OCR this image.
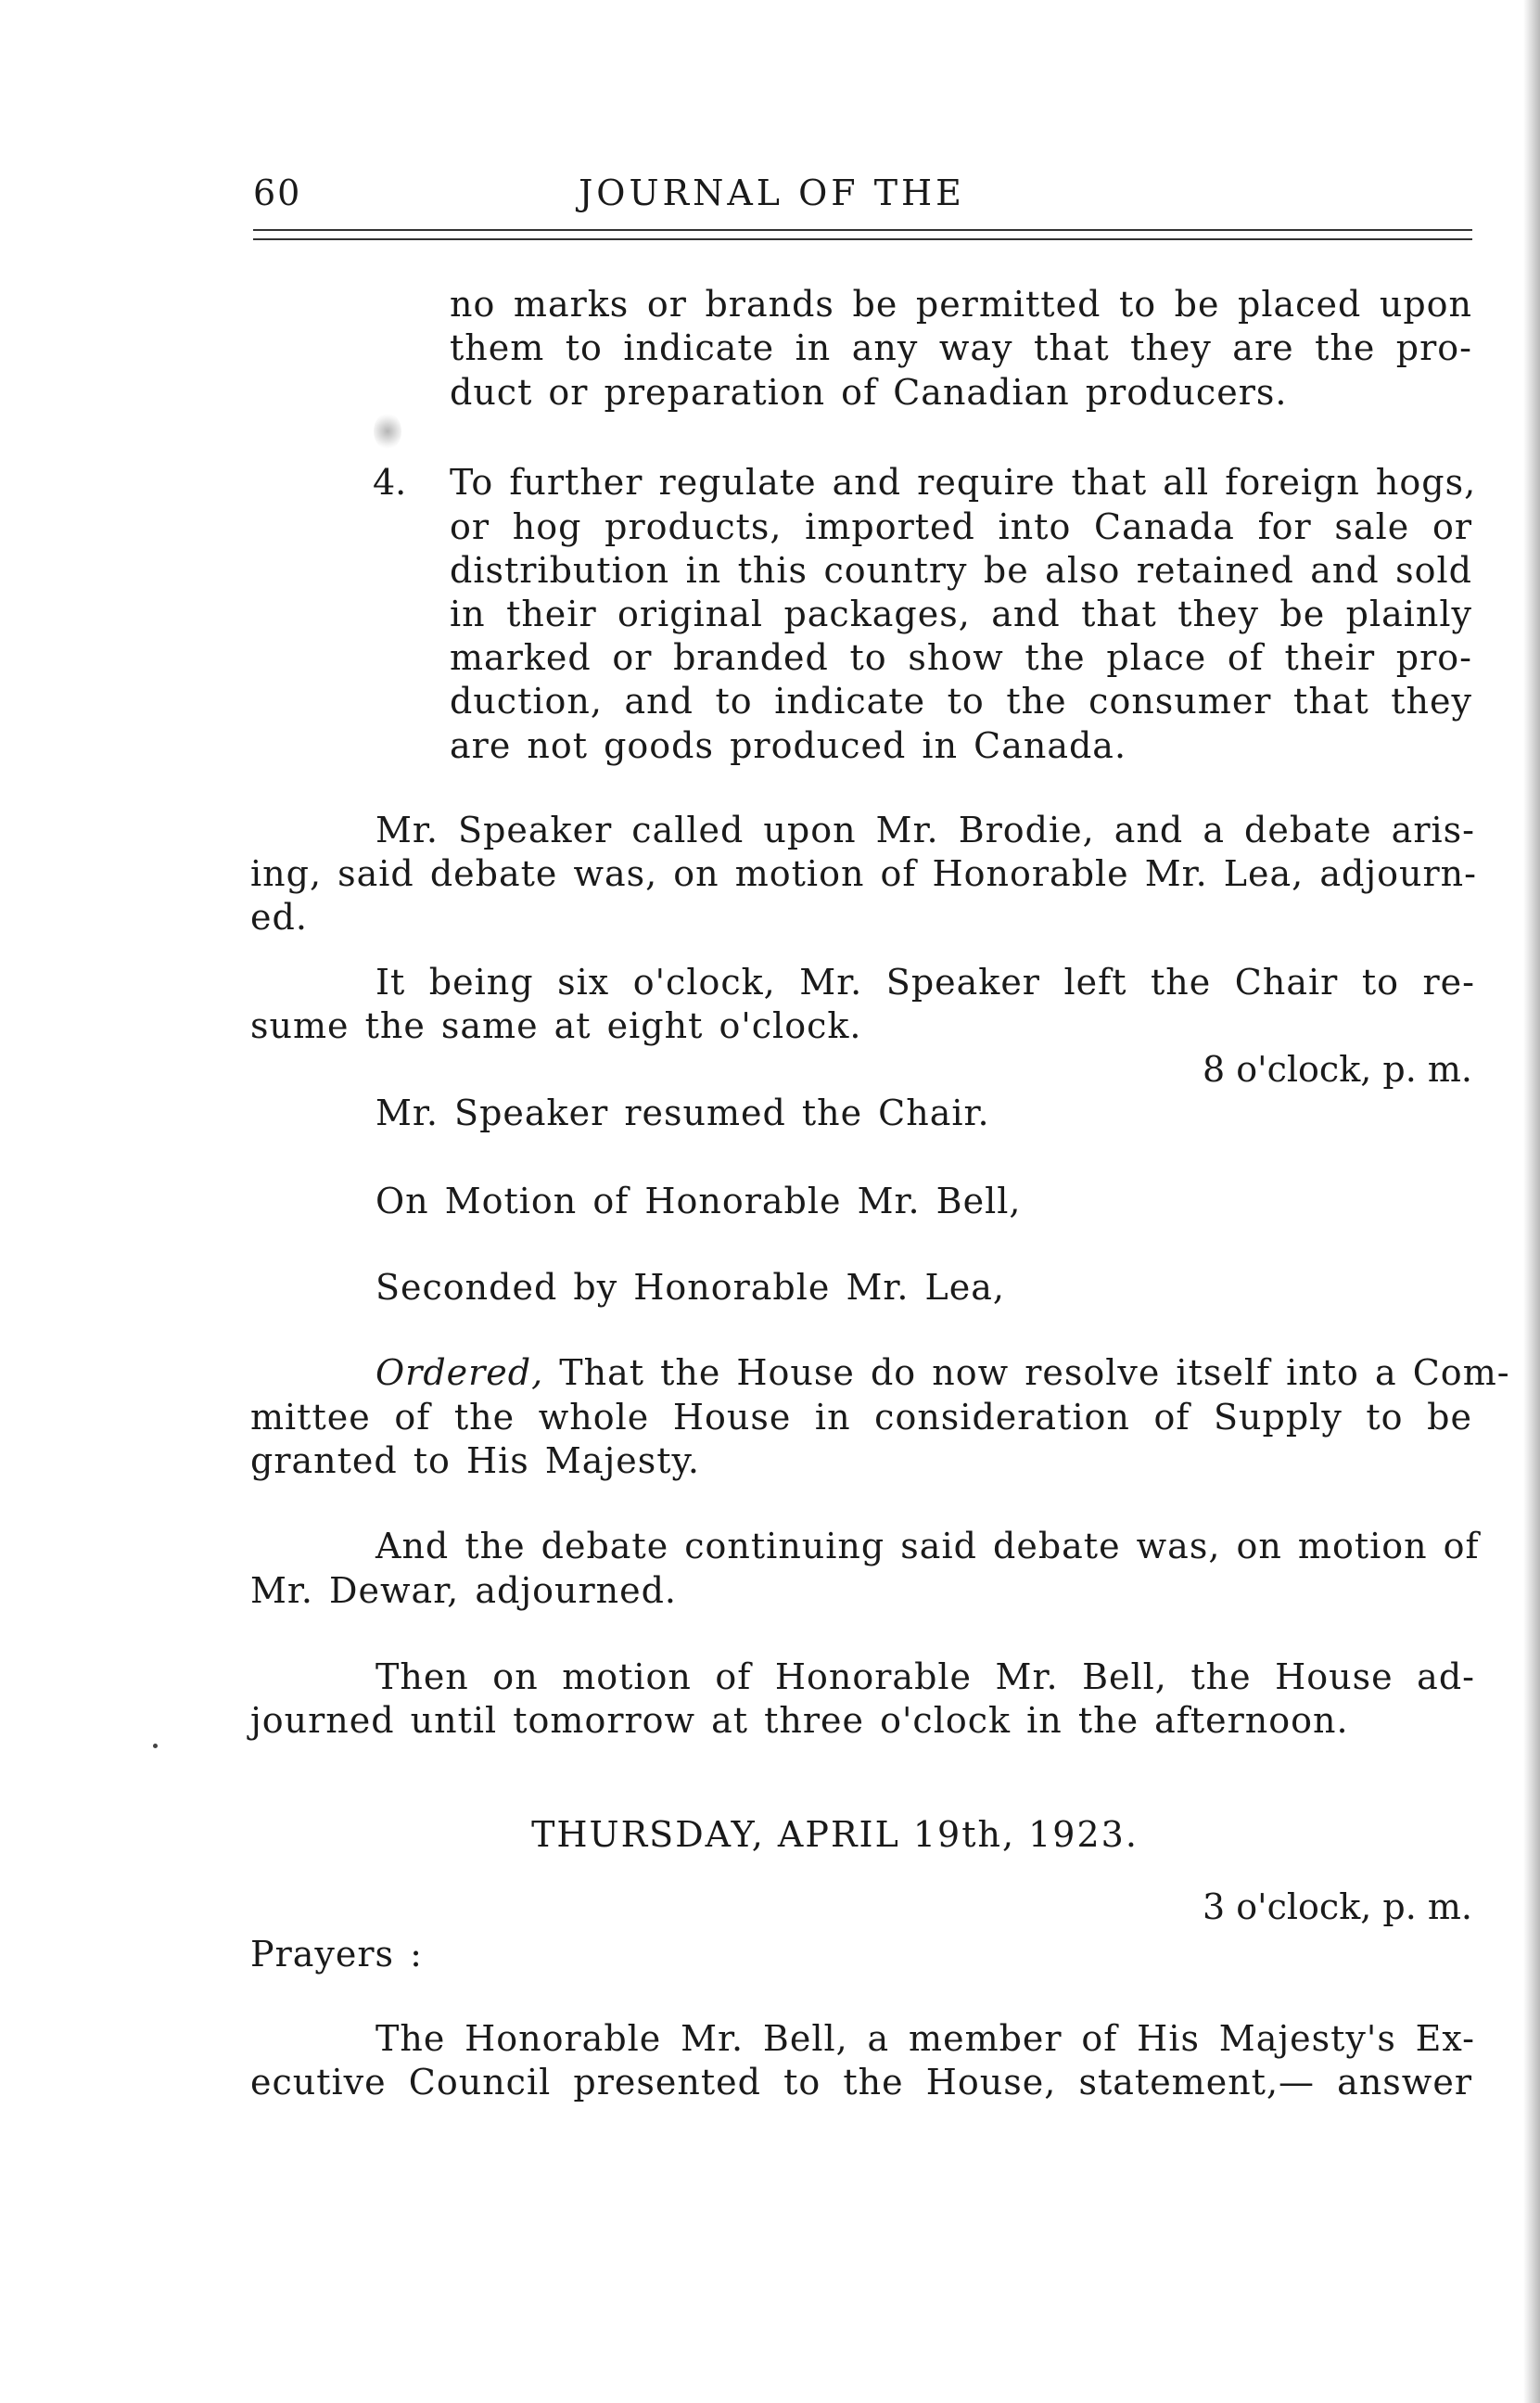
60	JOURNAL OF THE
no marks or brands be permitted to be placed upon
them to indicate in any way that they are the pro-
duct or preparation of Canadian producers.
4. To further regulate and require that all foreign hogs,
or hog products, imported into Canada for sale or
distribution in this country be also retained and sold
in their original packages, and that they be plainly
marked or branded to show the place of their pro-
duction, and to indicate to the consumer that they
are not goods produced in Canada.
Mr. Speaker called upon Mr. Brodie, and a debate aris-
ing, said debate was, on motion of Honorable Mr. Lea, adjourn-
ed.
It being six o'clock, Mr. Speaker left the Chair to re-
sume the same at eight o'clock.
8 o'clock, p. m.
Mr. Speaker resumed the Chair.
On Motion of Honorable Mr. Bell,
Seconded by Honorable Mr. Lea,
Ordered, That the House do now resolve itself into a Com-
mittee of the whole House in consideration of Supply to be
granted to His Majesty.
And the debate continuing said debate was, on motion of
Mr. Dewar, adjourned.
Then on motion of Honorable Mr. Bell, the House ad-
journed until tomorrow at three o'clock in the afternoon.
THURSDAY, APRIL 19th, 1923.
3 o'clock, p. m.
Prayers :
The Honorable Mr. Bell, a member of His Majesty's Ex-
ecutive Council presented to the House, statement,— answer
